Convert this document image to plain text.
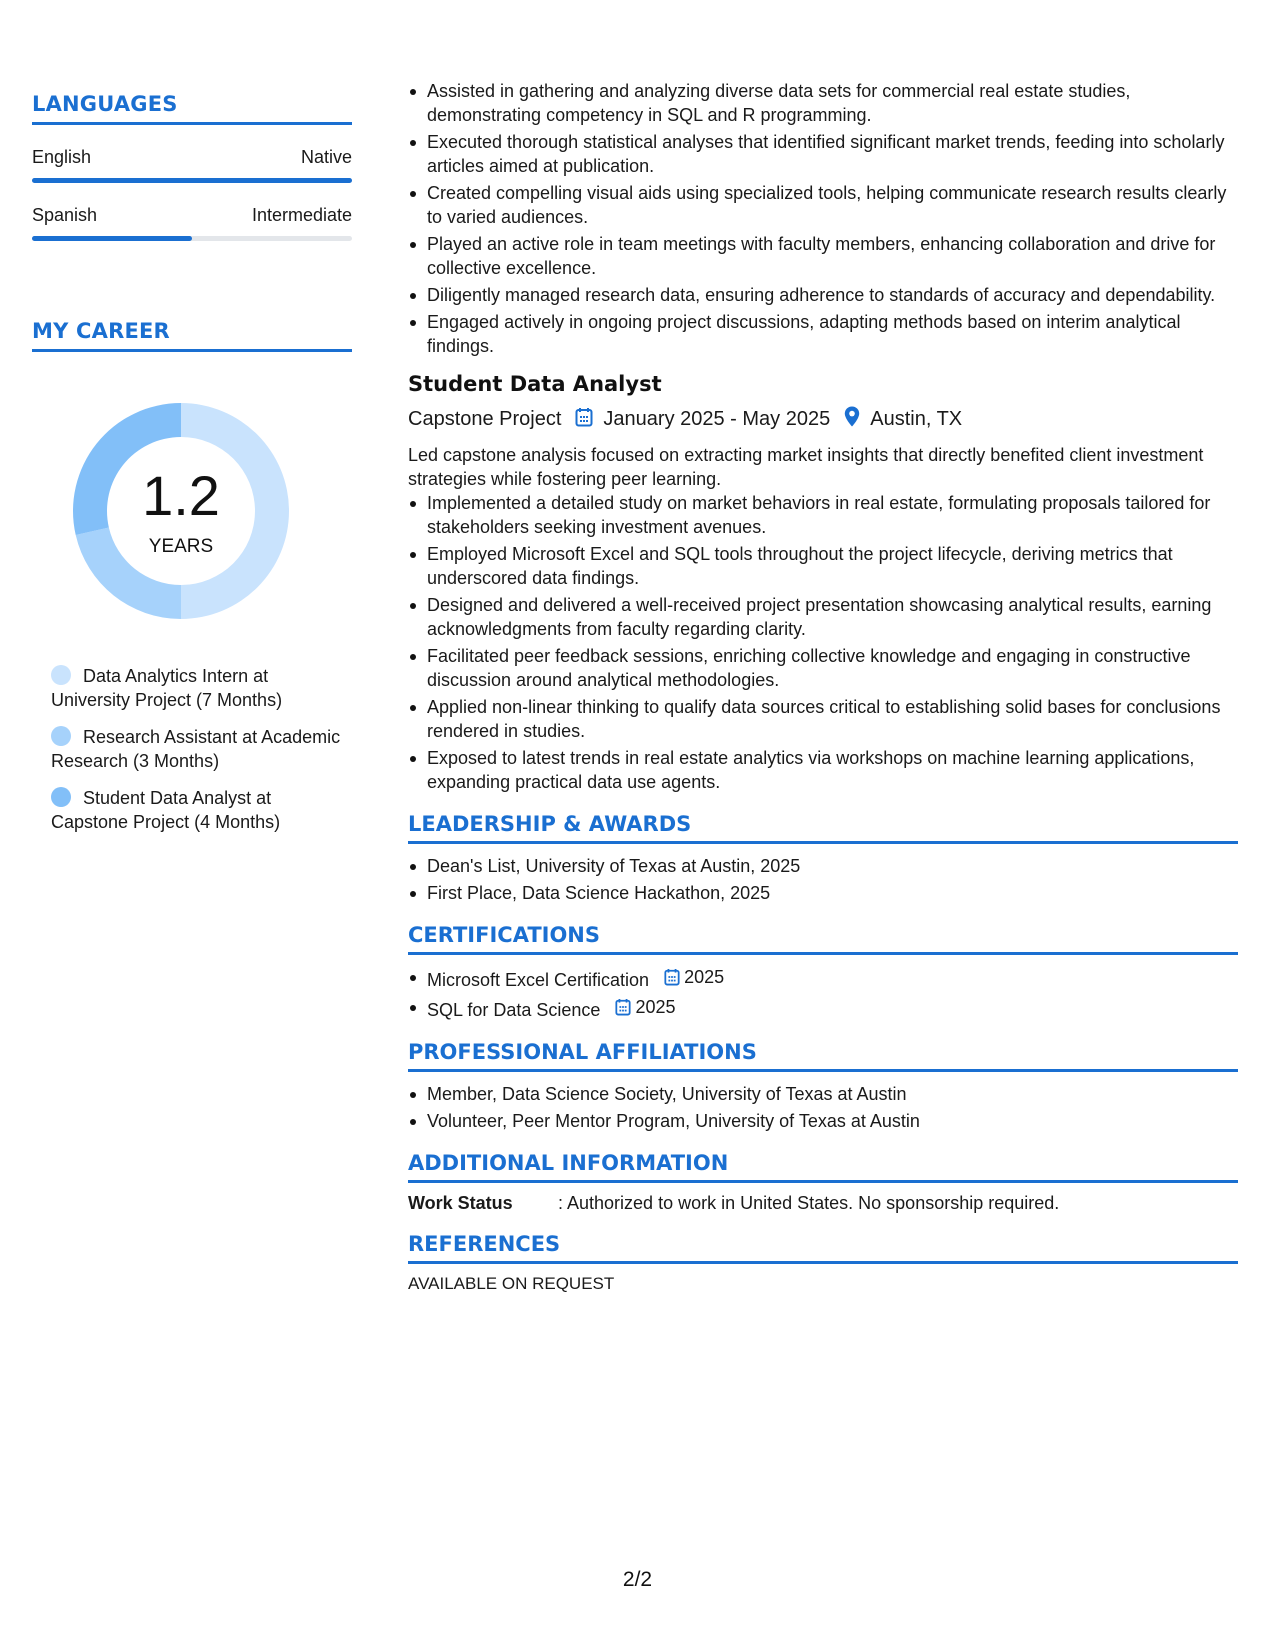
LANGUAGES
English	Native
Spanish	Intermediate
MY CAREER
1.2
YEARS
Data Analytics Intern at University Project (7 Months)
Research Assistant at Academic Research (3 Months)
Student Data Analyst at Capstone Project (4 Months)
Assisted in gathering and analyzing diverse data sets for commercial real estate studies, demonstrating competency in SQL and R programming.
Executed thorough statistical analyses that identified significant market trends, feeding into scholarly articles aimed at publication.
Created compelling visual aids using specialized tools, helping communicate research results clearly to varied audiences.
Played an active role in team meetings with faculty members, enhancing collaboration and drive for collective excellence.
Diligently managed research data, ensuring adherence to standards of accuracy and dependability.
Engaged actively in ongoing project discussions, adapting methods based on interim analytical findings.
Student Data Analyst
Capstone Project January 2025 - May 2025 Austin, TX
Led capstone analysis focused on extracting market insights that directly benefited client investment strategies while fostering peer learning.
Implemented a detailed study on market behaviors in real estate, formulating proposals tailored for stakeholders seeking investment avenues.
Employed Microsoft Excel and SQL tools throughout the project lifecycle, deriving metrics that underscored data findings.
Designed and delivered a well-received project presentation showcasing analytical results, earning acknowledgments from faculty regarding clarity.
Facilitated peer feedback sessions, enriching collective knowledge and engaging in constructive discussion around analytical methodologies.
Applied non-linear thinking to qualify data sources critical to establishing solid bases for conclusions rendered in studies.
Exposed to latest trends in real estate analytics via workshops on machine learning applications, expanding practical data use agents.
LEADERSHIP & AWARDS
Dean's List, University of Texas at Austin, 2025
First Place, Data Science Hackathon, 2025
CERTIFICATIONS
Microsoft Excel Certification 2025
SQL for Data Science 2025
PROFESSIONAL AFFILIATIONS
Member, Data Science Society, University of Texas at Austin
Volunteer, Peer Mentor Program, University of Texas at Austin
ADDITIONAL INFORMATION
Work Status	: Authorized to work in United States. No sponsorship required.
REFERENCES
AVAILABLE ON REQUEST
2/2
